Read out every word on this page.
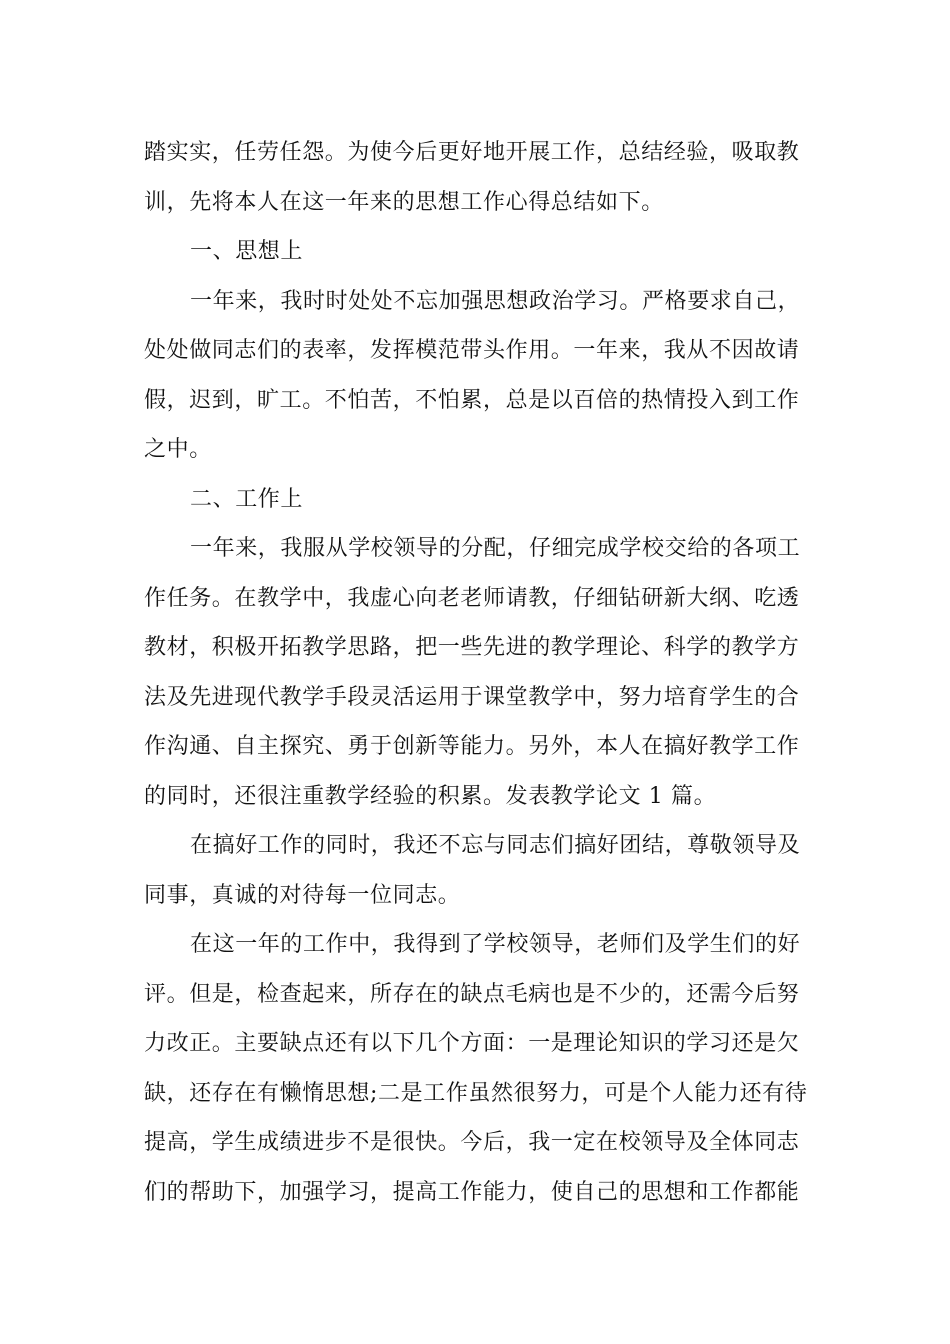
踏实实，任劳任怨。为使今后更好地开展工作，总结经验，吸取教
训，先将本人在这一年来的思想工作心得总结如下。
一、思想上
一年来，我时时处处不忘加强思想政治学习。严格要求自己，
处处做同志们的表率，发挥模范带头作用。一年来，我从不因故请
假，迟到，旷工。不怕苦，不怕累，总是以百倍的热情投入到工作
之中。
二、工作上
一年来，我服从学校领导的分配，仔细完成学校交给的各项工
作任务。在教学中，我虚心向老老师请教，仔细钻研新大纲、吃透
教材，积极开拓教学思路，把一些先进的教学理论、科学的教学方
法及先进现代教学手段灵活运用于课堂教学中，努力培育学生的合
作沟通、自主探究、勇于创新等能力。另外，本人在搞好教学工作
的同时，还很注重教学经验的积累。发表教学论文 1 篇。
在搞好工作的同时，我还不忘与同志们搞好团结，尊敬领导及
同事，真诚的对待每一位同志。
在这一年的工作中，我得到了学校领导，老师们及学生们的好
评。但是，检查起来，所存在的缺点毛病也是不少的，还需今后努
力改正。主要缺点还有以下几个方面：一是理论知识的学习还是欠
缺，还存在有懒惰思想;二是工作虽然很努力，可是个人能力还有待
提高，学生成绩进步不是很快。今后，我一定在校领导及全体同志
们的帮助下，加强学习，提高工作能力，使自己的思想和工作都能
